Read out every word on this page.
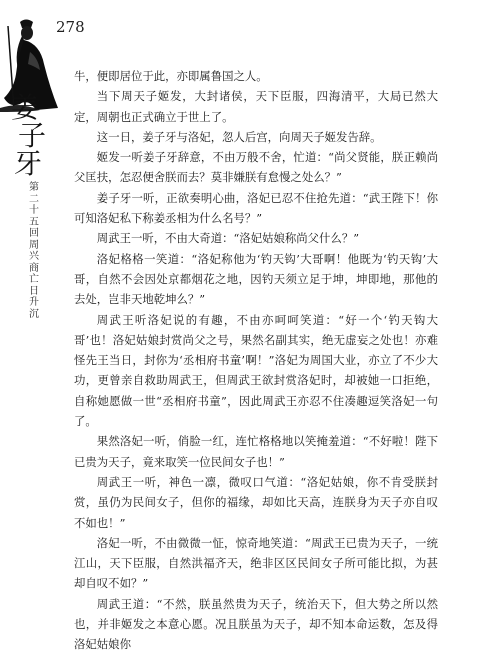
278
姜
子
牙
第二十五回　周兴商亡日升沉

牛，便即居位于此，亦即属鲁国之人。

当下周天子姬发，大封诸侯，天下臣服，四海清平，大局已然大定，周朝也正式确立于世上了。

这一日，姜子牙与洛妃，忽人后宫，向周天子姬发告辞。

姬发一听姜子牙辞意，不由万般不舍，忙道：“尚父贤能，朕正赖尚父匡扶，怎忍便舍朕而去？莫非嫌朕有怠慢之处么？”

姜子牙一听，正欲奏明心曲，洛妃已忍不住抢先道：“武王陛下！你可知洛妃私下称姜丞相为什么名号？”

周武王一听，不由大奇道：“洛妃姑娘称尚父什么？”

洛妃格格一笑道：“洛妃称他为‘钓天钩’大哥啊！他既为‘钓天钩’大哥，自然不会因处京都烟花之地，因钓天须立足于坤，坤即地，那他的去处，岂非天地乾坤么？”

周武王听洛妃说的有趣，不由亦呵呵笑道：“好一个‘钓天钩大哥’也！洛妃姑娘封赏尚父之号，果然名副其实，绝无虚妄之处也！亦难怪先王当日，封你为‘丞相府书童’啊！”洛妃为周国大业，亦立了不少大功，更曾亲自救助周武王，但周武王欲封赏洛妃时，却被她一口拒绝，自称她愿做一世“丞相府书童”，因此周武王亦忍不住凑趣逗笑洛妃一句了。

果然洛妃一听，俏脸一红，连忙格格地以笑掩羞道：“不好啦！陛下已贵为天子，竟来取笑一位民间女子也！”

周武王一听，神色一凛，微叹口气道：“洛妃姑娘，你不肯受朕封赏，虽仍为民间女子，但你的福缘，却如比天高，连朕身为天子亦自叹不如也！”

洛妃一听，不由微微一怔，惊奇地笑道：“周武王已贵为天子，一统江山，天下臣服，自然洪福齐天，绝非区区民间女子所可能比拟，为甚却自叹不如？”

周武王道：“不然，朕虽然贵为天子，统治天下，但大势之所以然也，并非姬发之本意心愿。况且朕虽为天子，却不知本命运数，怎及得洛妃姑娘你
